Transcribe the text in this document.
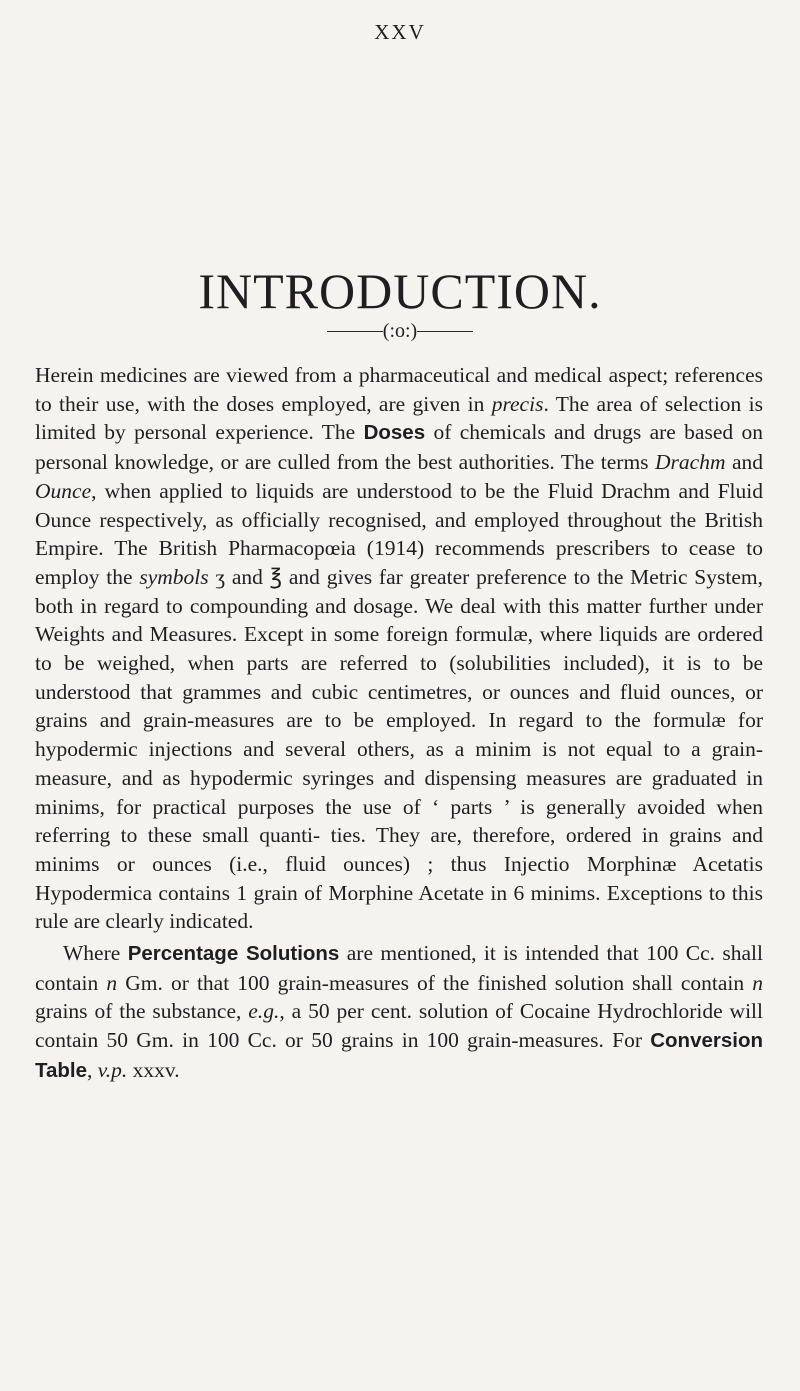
XXV
INTRODUCTION.
(:o:)

Herein medicines are viewed from a pharmaceutical and medical aspect; references to their use, with the doses employed, are given in precis. The area of selection is limited by personal experience. The Doses of chemicals and drugs are based on personal knowledge, or are culled from the best authorities. The terms Drachm and Ounce, when applied to liquids are understood to be the Fluid Drachm and Fluid Ounce respectively, as officially recognised, and employed throughout the British Empire. The British Pharmacopœia (1914) recommends prescribers to cease to employ the symbols ʒ and ℥ and gives far greater preference to the Metric System, both in regard to compounding and dosage. We deal with this matter further under Weights and Measures. Except in some foreign formulæ, where liquids are ordered to be weighed, when parts are referred to (solubilities included), it is to be understood that grammes and cubic centimetres, or ounces and fluid ounces, or grains and grain-measures are to be employed. In regard to the formulæ for hypodermic injections and several others, as a minim is not equal to a grain-measure, and as hypodermic syringes and dispensing measures are graduated in minims, for practical purposes the use of ‘ parts ’ is generally avoided when referring to these small quanti- ties. They are, therefore, ordered in grains and minims or ounces (i.e., fluid ounces) ; thus Injectio Morphinæ Acetatis Hypodermica contains 1 grain of Morphine Acetate in 6 minims. Exceptions to this rule are clearly indicated.

Where Percentage Solutions are mentioned, it is intended that 100 Cc. shall contain n Gm. or that 100 grain-measures of the finished solution shall contain n grains of the substance, e.g., a 50 per cent. solution of Cocaine Hydrochloride will contain 50 Gm. in 100 Cc. or 50 grains in 100 grain-measures. For Conversion Table, v.p. xxxv.
